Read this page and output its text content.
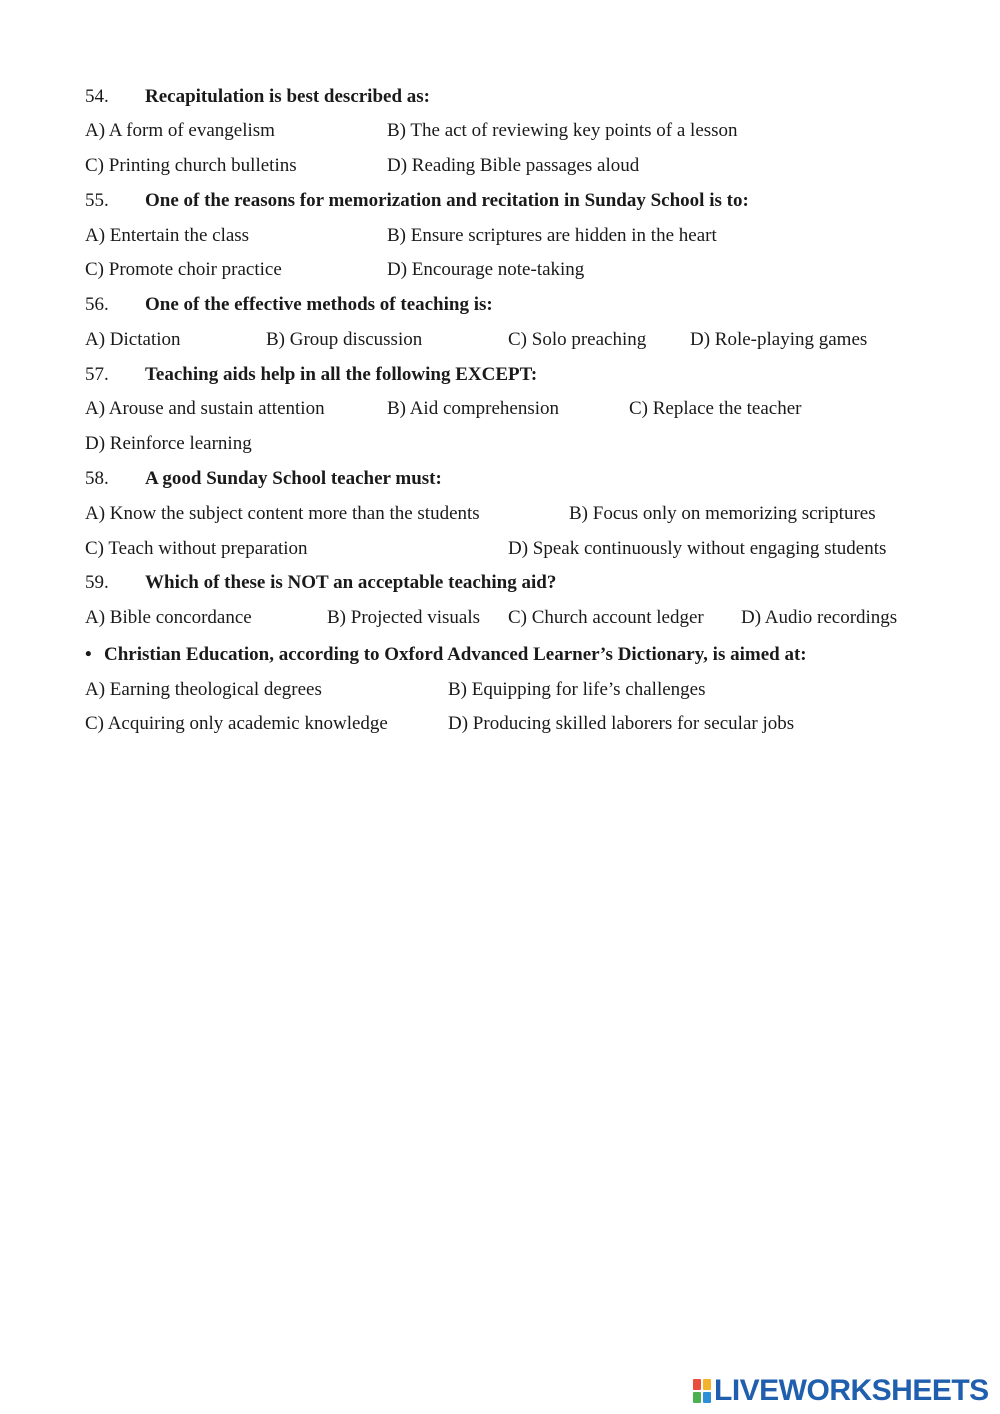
54. Recapitulation is best described as:
A) A form of evangelism	B) The act of reviewing key points of a lesson
C) Printing church bulletins	D) Reading Bible passages aloud
55. One of the reasons for memorization and recitation in Sunday School is to:
A) Entertain the class	B) Ensure scriptures are hidden in the heart
C) Promote choir practice	D) Encourage note-taking
56. One of the effective methods of teaching is:
A) Dictation	B) Group discussion	C) Solo preaching D) Role-playing games
57. Teaching aids help in all the following EXCEPT:
A) Arouse and sustain attention	B) Aid comprehension	C) Replace the teacher
D) Reinforce learning
58. A good Sunday School teacher must:
A) Know the subject content more than the students	B) Focus only on memorizing scriptures
C) Teach without preparation	D) Speak continuously without engaging students
59. Which of these is NOT an acceptable teaching aid?
A) Bible concordance	B) Projected visuals C) Church account ledger D) Audio recordings
• Christian Education, according to Oxford Advanced Learner’s Dictionary, is aimed at:
A) Earning theological degrees	B) Equipping for life’s challenges
C) Acquiring only academic knowledge	D) Producing skilled laborers for secular jobs
LIVEWORKSHEETS
